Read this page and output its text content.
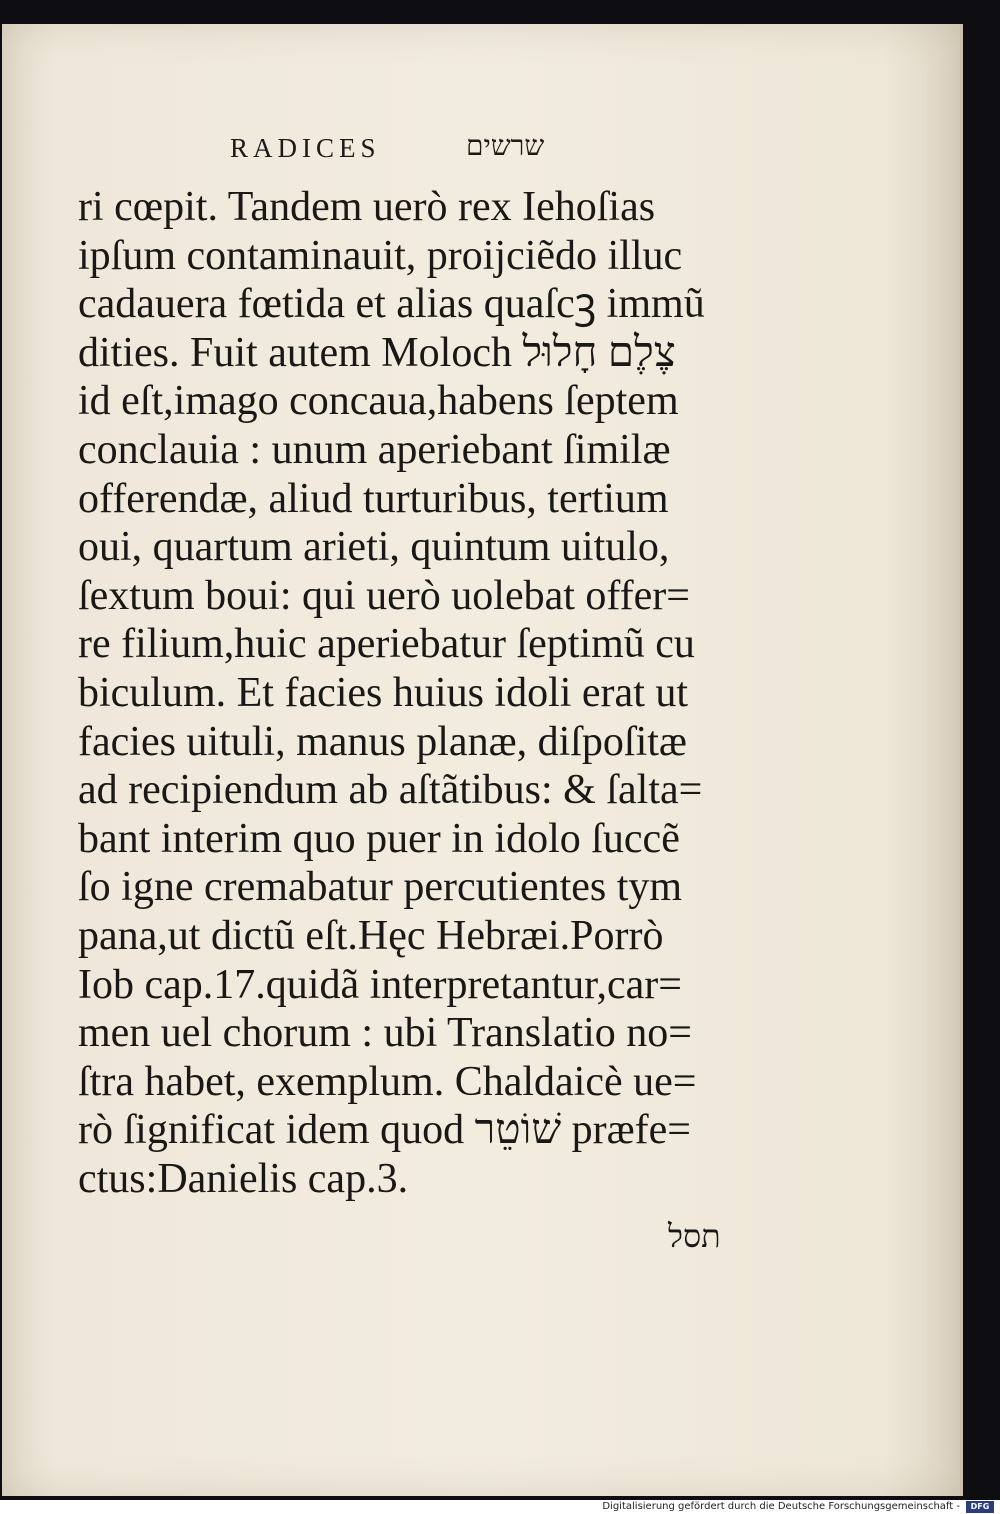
RADICES	שרשים
ri cœpit. Tandem uerò rex Iehoſias
ipſum contaminauit, proijciẽdo illuc
cadauera fœtida et alias quaſcꝫ immũ
dities. Fuit autem Moloch צֶלֶם חָלוּל
id eſt,imago concaua,habens ſeptem
conclauia : unum aperiebant ſimilæ
offerendæ, aliud turturibus, tertium
oui, quartum arieti, quintum uitulo,
ſextum boui: qui uerò uolebat offer=
re filium,huic aperiebatur ſeptimũ cu
biculum. Et facies huius idoli erat ut
facies uituli, manus planæ, diſpoſitæ
ad recipiendum ab aſtãtibus: & ſalta=
bant interim quo puer in idolo ſuccẽ
ſo igne cremabatur percutientes tym
pana,ut dictũ eſt.Hęc Hebræi.Porrò
Iob cap.17.quidã interpretantur,car=
men uel chorum : ubi Translatio no=
ſtra habet, exemplum. Chaldaicè ue=
rò ſignificat idem quod שׁוֹטֵר præfe=
ctus:Danielis cap.3.
תסל
Digitalisierung gefördert durch die Deutsche Forschungsgemeinschaft -	DFG
